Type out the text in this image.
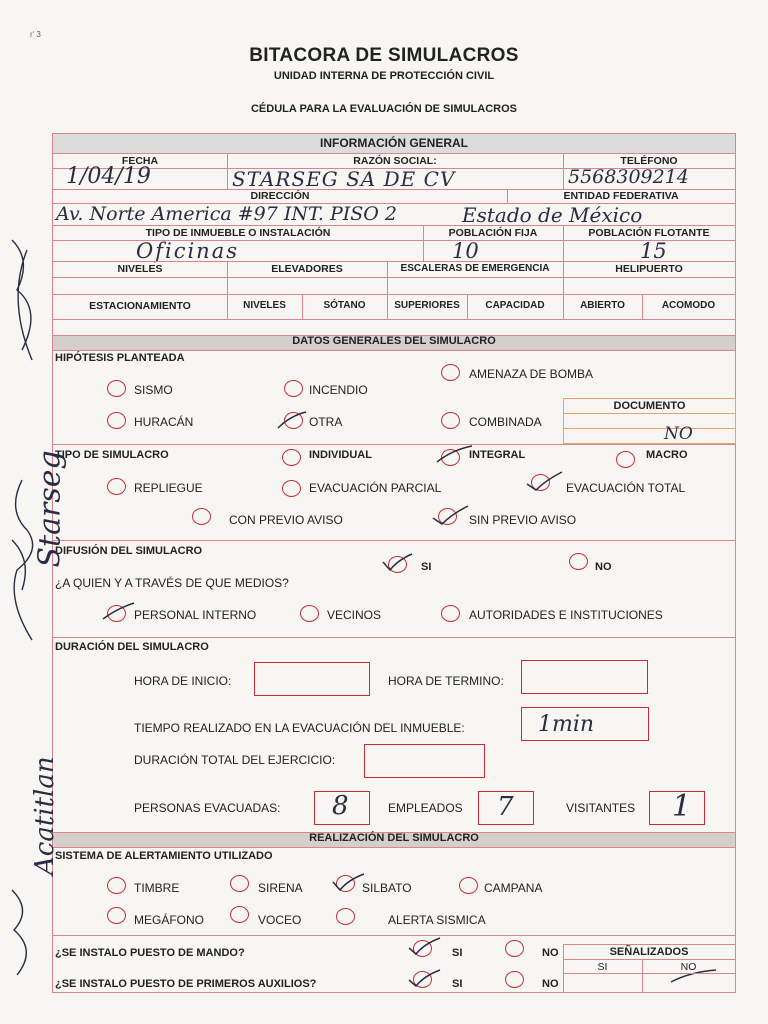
r' 3
BITACORA DE SIMULACROS
UNIDAD INTERNA DE PROTECCIÓN CIVIL
CÉDULA PARA LA EVALUACIÓN DE SIMULACROS
INFORMACIÓN GENERAL
FECHA	RAZÓN SOCIAL:	TELÉFONO
1/04/19	STARSEG SA DE CV	5568309214
DIRECCIÓN	ENTIDAD FEDERATIVA
Av. Norte America #97 INT. PISO 2	Estado de México
TIPO DE INMUEBLE O INSTALACIÓN	POBLACIÓN FIJA	POBLACIÓN FLOTANTE
Oficinas	10	15
NIVELES	ELEVADORES	ESCALERAS DE EMERGENCIA	HELIPUERTO
ESTACIONAMIENTO	NIVELES	SÓTANO	SUPERIORES	CAPACIDAD	ABIERTO	ACOMODO
DATOS GENERALES DEL SIMULACRO
HIPÓTESIS PLANTEADA
SISMO	INCENDIO
AMENAZA DE BOMBA
HURACÁN	OTRA	COMBINADA
DOCUMENTO
NO
TIPO DE SIMULACRO	INDIVIDUAL	INTEGRAL	MACRO
REPLIEGUE	EVACUACIÓN PARCIAL	EVACUACIÓN TOTAL
CON PREVIO AVISO	SIN PREVIO AVISO
DIFUSIÓN DEL SIMULACRO
SI	NO
¿A QUIEN Y A TRAVÉS DE QUE MEDIOS?
PERSONAL INTERNO	VECINOS	AUTORIDADES E INSTITUCIONES
DURACIÓN DEL SIMULACRO
HORA DE INICIO:	HORA DE TERMINO:
TIEMPO REALIZADO EN LA EVACUACIÓN DEL INMUEBLE:	1min
DURACIÓN TOTAL DEL EJERCICIO:
PERSONAS EVACUADAS: 8	EMPLEADOS 7	VISITANTES 1
REALIZACIÓN DEL SIMULACRO
SISTEMA DE ALERTAMIENTO UTILIZADO
TIMBRE	SIRENA	SILBATO	CAMPANA
MEGÁFONO	VOCEO	ALERTA SISMICA
¿SE INSTALO PUESTO DE MANDO?	SI	NO	SEÑALIZADOS
SI	NO
¿SE INSTALO PUESTO DE PRIMEROS AUXILIOS?	SI	NO
Starseg
Acatitlan
